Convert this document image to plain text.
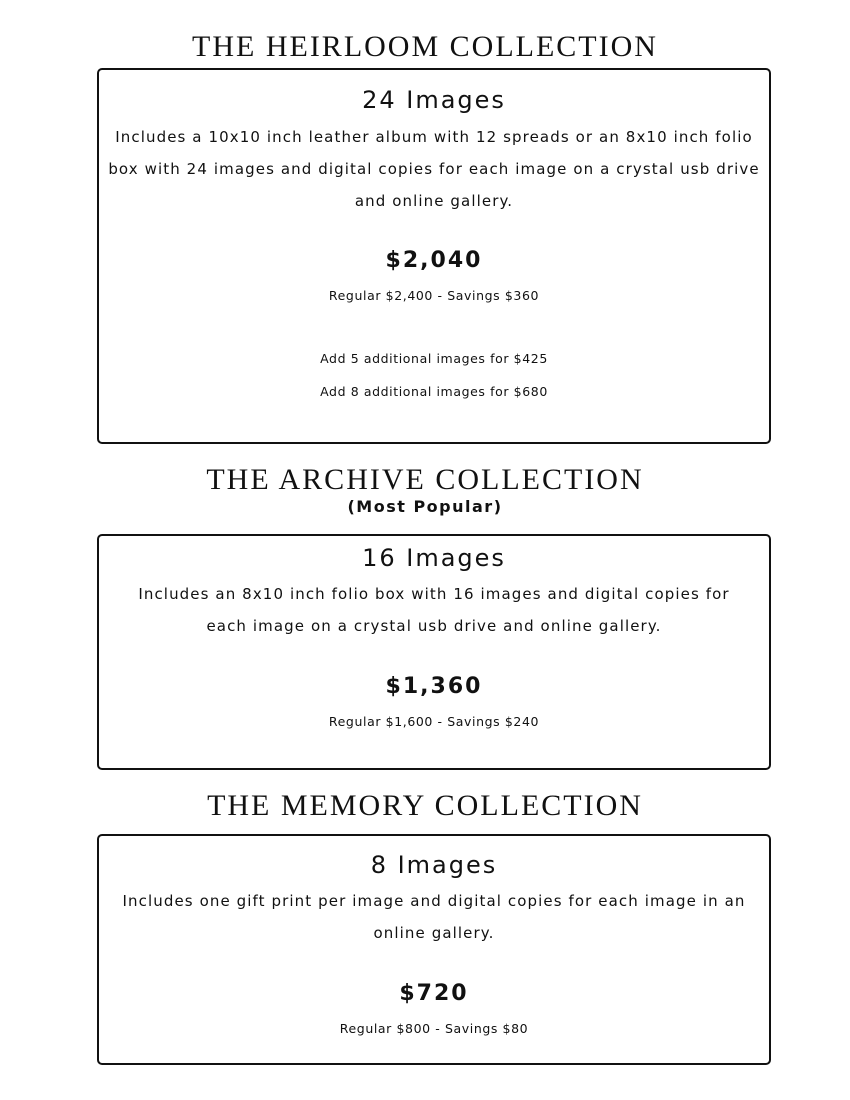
THE HEIRLOOM COLLECTION
24 Images

Includes a 10x10 inch leather album with 12 spreads or an 8x10 inch folio box with 24 images and digital copies for each image on a crystal usb drive and online gallery.

$2,040
Regular $2,400 - Savings $360
Add 5 additional images for $425
Add 8 additional images for $680
THE ARCHIVE COLLECTION
(Most Popular)
16 Images

Includes an 8x10 inch folio box with 16 images and digital copies for each image on a crystal usb drive and online gallery.

$1,360
Regular $1,600 - Savings $240
THE MEMORY COLLECTION
8 Images

Includes one gift print per image and digital copies for each image in an online gallery.

$720
Regular $800 - Savings $80
